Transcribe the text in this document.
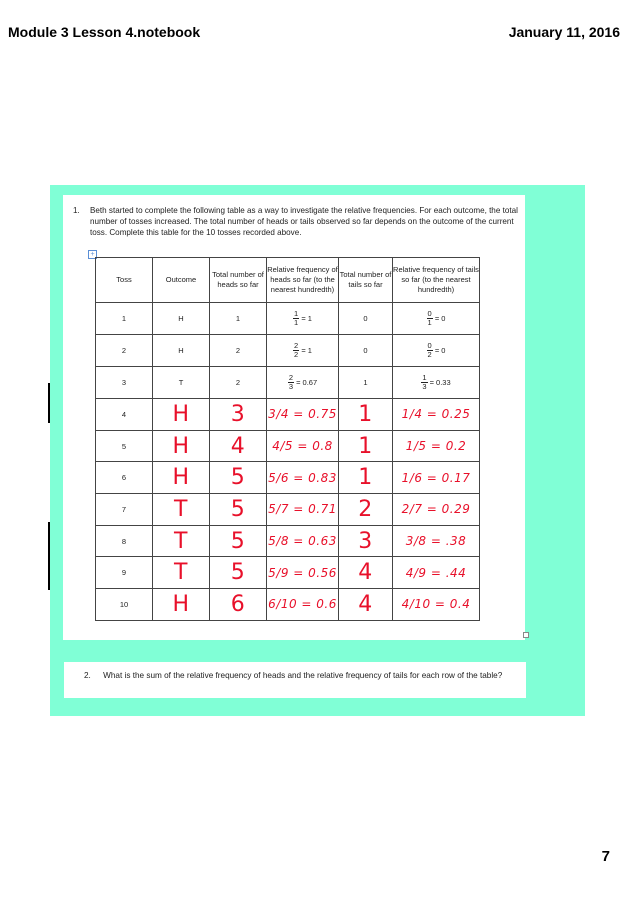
Module 3 Lesson 4.notebook	January 11, 2016
1. Beth started to complete the following table as a way to investigate the relative frequencies. For each outcome, the total number of tosses increased. The total number of heads or tails observed so far depends on the outcome of the current toss. Complete this table for the 10 tosses recorded above.
+
Toss	Outcome	Total number of heads so far	Relative frequency of heads so far (to the nearest hundredth)	Total number of tails so far	Relative frequency of tails so far (to the nearest hundredth)
1	H	1	$\frac{1}{1} = 1$	0	$\frac{0}{1} = 0$
2	H	2	$\frac{2}{2} = 1$	0	$\frac{0}{2} = 0$
3	T	2	$\frac{2}{3} = 0.67$	1	$\frac{1}{3} = 0.33$
4	H	3	3/4 = 0.75	1	1/4 = 0.25
5	H	4	4/5 = 0.8	1	1/5 = 0.2
6	H	5	5/6 = 0.83	1	1/6 = 0.17
7	T	5	5/7 = 0.71	2	2/7 = 0.29
8	T	5	5/8 = 0.63	3	3/8 = .38
9	T	5	5/9 = 0.56	4	4/9 = .44
10	H	6	6/10 = 0.6	4	4/10 = 0.4
2. What is the sum of the relative frequency of heads and the relative frequency of tails for each row of the table?
7
